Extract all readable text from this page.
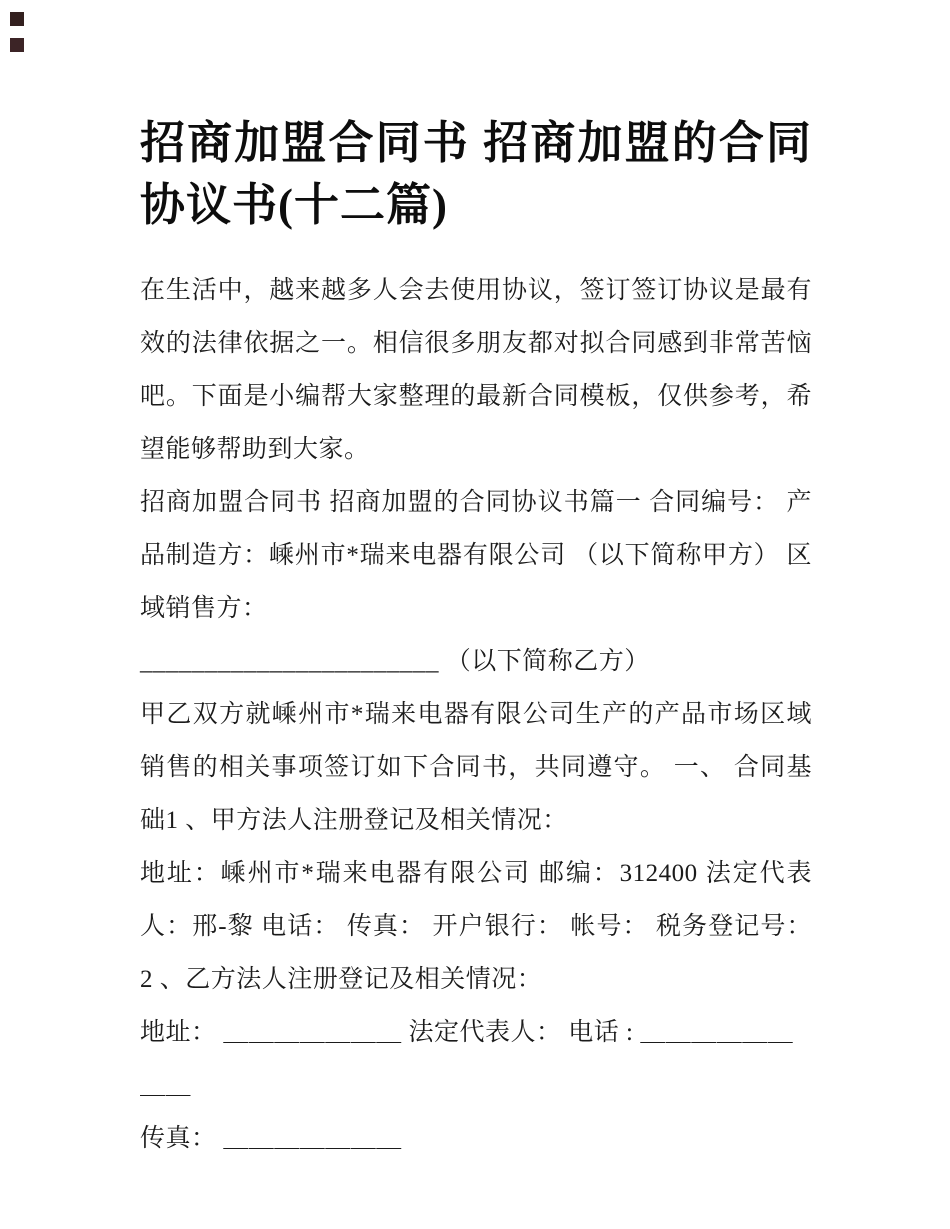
招商加盟合同书 招商加盟的合同协议书(十二篇)

在生活中，越来越多人会去使用协议，签订签订协议是最有效的法律依据之一。相信很多朋友都对拟合同感到非常苦恼吧。下面是小编帮大家整理的最新合同模板，仅供参考，希望能够帮助到大家。

招商加盟合同书 招商加盟的合同协议书篇一 合同编号： 产品制造方：嵊州市*瑞来电器有限公司 （以下简称甲方） 区域销售方：

_______________________ （以下简称乙方）

甲乙双方就嵊州市*瑞来电器有限公司生产的产品市场区域销售的相关事项签订如下合同书，共同遵守。 一、 合同基础1 、甲方法人注册登记及相关情况：

地址：嵊州市*瑞来电器有限公司 邮编：312400 法定代表人：邢-黎 电话： 传真： 开户银行： 帐号： 税务登记号： 2 、乙方法人注册登记及相关情况：

地址： ＿＿＿＿＿＿＿ 法定代表人： 电话 : ＿＿＿＿＿＿＿＿

传真： ＿＿＿＿＿＿＿
